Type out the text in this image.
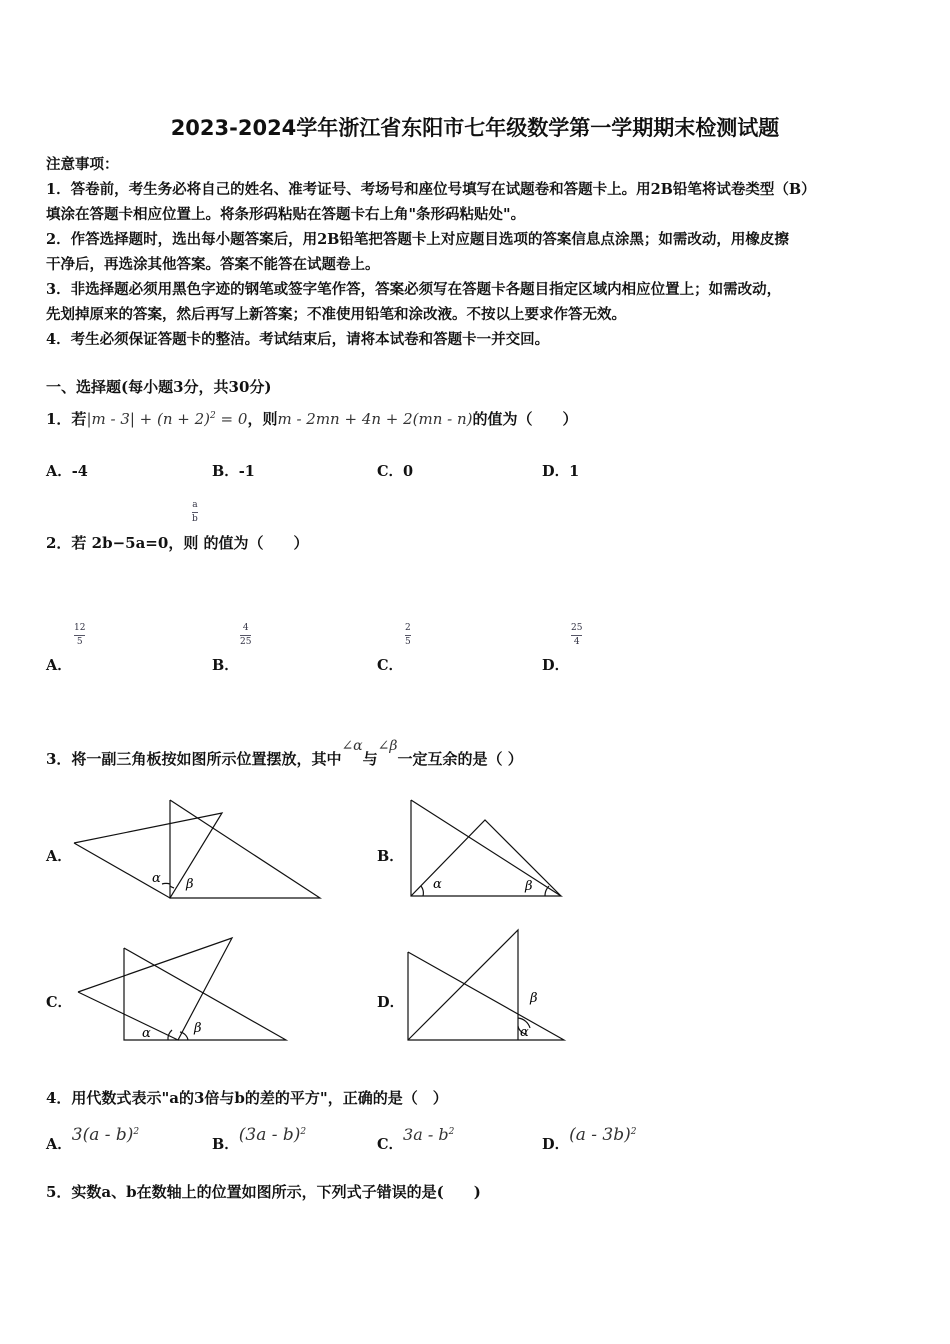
2023-2024学年浙江省东阳市七年级数学第一学期期末检测试题
注意事项：
1．答卷前，考生务必将自己的姓名、准考证号、考场号和座位号填写在试题卷和答题卡上。用2B铅笔将试卷类型（B）
填涂在答题卡相应位置上。将条形码粘贴在答题卡右上角"条形码粘贴处"。
2．作答选择题时，选出每小题答案后，用2B铅笔把答题卡上对应题目选项的答案信息点涂黑；如需改动，用橡皮擦
干净后，再选涂其他答案。答案不能答在试题卷上。
3．非选择题必须用黑色字迹的钢笔或签字笔作答，答案必须写在答题卡各题目指定区域内相应位置上；如需改动，
先划掉原来的答案，然后再写上新答案；不准使用铅笔和涂改液。不按以上要求作答无效。
4．考生必须保证答题卡的整洁。考试结束后，请将本试卷和答题卡一并交回。
一、选择题(每小题3分，共30分)
1．若$|m - 3| + (n + 2)^2 = 0$，则m - 2mn + 4n + 2(mn - n)的值为（　　）
A．-4	B．-1	C．0	D．1
a
b
2．若 2b−5a=0，则 的值为（　　）
12
5
A．
4
25
B．
2
5
C．
25
4
D．
3．将一副三角板按如图所示位置摆放，其中∠α与∠β一定互余的是（ ）
A．
α β
B．
α	β
C．
α	β
D．	β
α
4．用代数式表示"a的3倍与b的差的平方"，正确的是（　）
A．3(a - b)$^2$
B．(3a - b)$^2$
C．$3a - b^2$
D．(a - 3b)$^2$
5．实数a、b在数轴上的位置如图所示，下列式子错误的是(　　)
